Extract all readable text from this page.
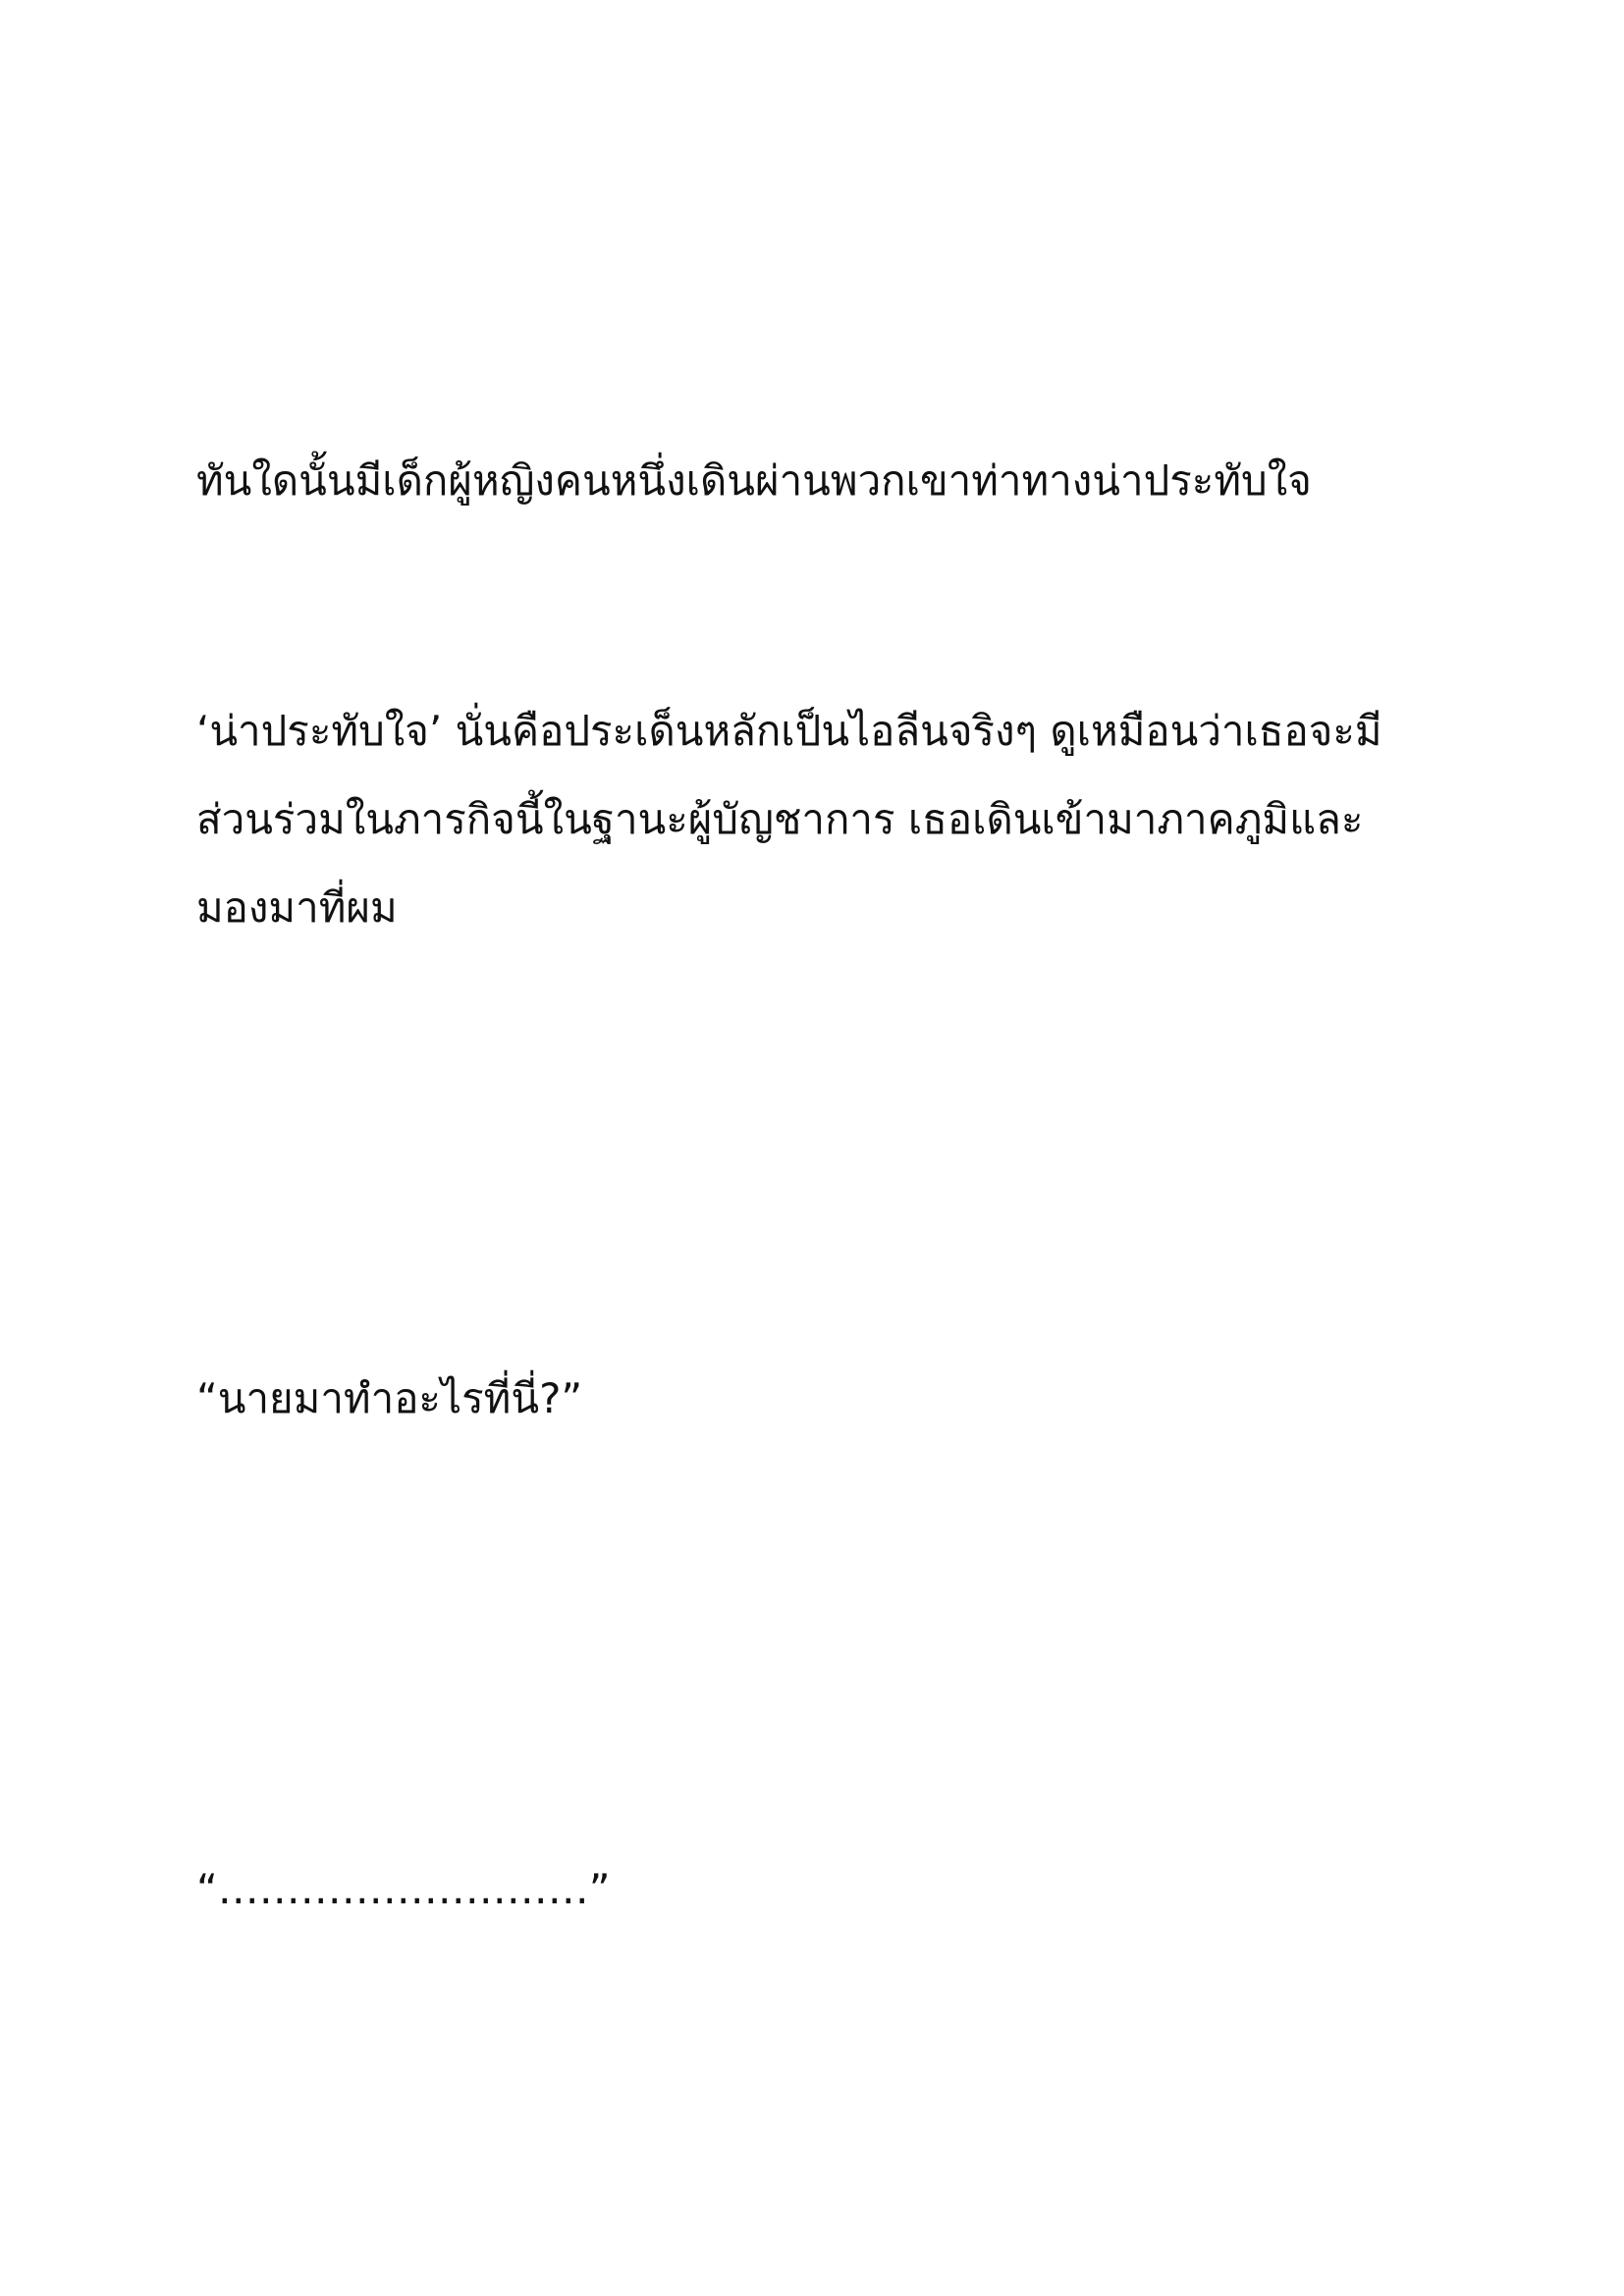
ทันใดนั้นมีเด็กผู้หญิงคนหนึ่งเดินผ่านพวกเขาท่าทางน่าประทับใจ

‘น่าประทับใจ’ นั่นคือประเด็นหลักเป็นไอลีนจริงๆ ดูเหมือนว่าเธอจะมี
ส่วนร่วมในภารกิจนี้ในฐานะผู้บัญชาการ เธอเดินเข้ามาภาคภูมิและ
มองมาที่ผม

“นายมาทำอะไรที่นี่?”

“………………………”
